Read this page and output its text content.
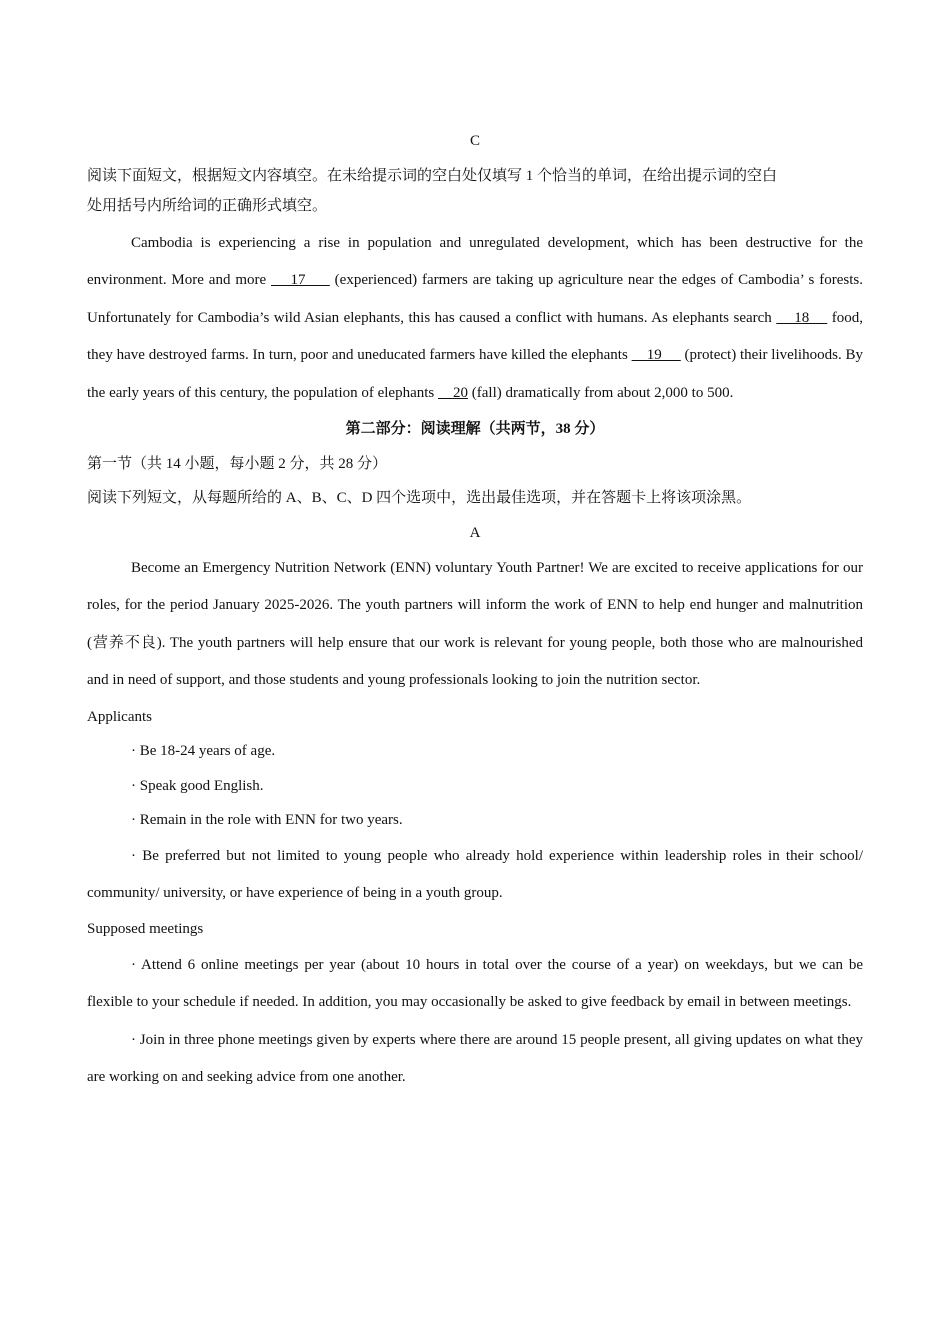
C

阅读下面短文，根据短文内容填空。在未给提示词的空白处仅填写 1 个恰当的单词，在给出提示词的空白

处用括号内所给词的正确形式填空。

Cambodia is experiencing a rise in population and unregulated development, which has been destructive for the environment. More and more     17      (experienced) farmers are taking up agriculture near the edges of Cambodia’ s forests. Unfortunately for Cambodia’s wild Asian elephants, this has caused a conflict with humans. As elephants search     18     food, they have destroyed farms. In turn, poor and uneducated farmers have killed the elephants     19      (protect) their livelihoods. By the early years of this century, the population of elephants     20 (fall) dramatically from about 2,000 to 500.

第二部分：阅读理解（共两节，38 分）

第一节（共 14 小题，每小题 2 分，共 28 分）

阅读下列短文，从每题所给的 A、B、C、D 四个选项中，选出最佳选项，并在答题卡上将该项涂黑。

A

Become an Emergency Nutrition Network (ENN) voluntary Youth Partner! We are excited to receive applications for our roles, for the period January 2025-2026. The youth partners will inform the work of ENN to help end hunger and malnutrition (营养不良). The youth partners will help ensure that our work is relevant for young people, both those who are malnourished and in need of support, and those students and young professionals looking to join the nutrition sector.

Applicants

· Be 18-24 years of age.

· Speak good English.

· Remain in the role with ENN for two years.

· Be preferred but not limited to young people who already hold experience within leadership roles in their school/ community/ university, or have experience of being in a youth group.

Supposed meetings

· Attend 6 online meetings per year (about 10 hours in total over the course of a year) on weekdays, but we can be flexible to your schedule if needed. In addition, you may occasionally be asked to give feedback by email in between meetings.

· Join in three phone meetings given by experts where there are around 15 people present, all giving updates on what they are working on and seeking advice from one another.
